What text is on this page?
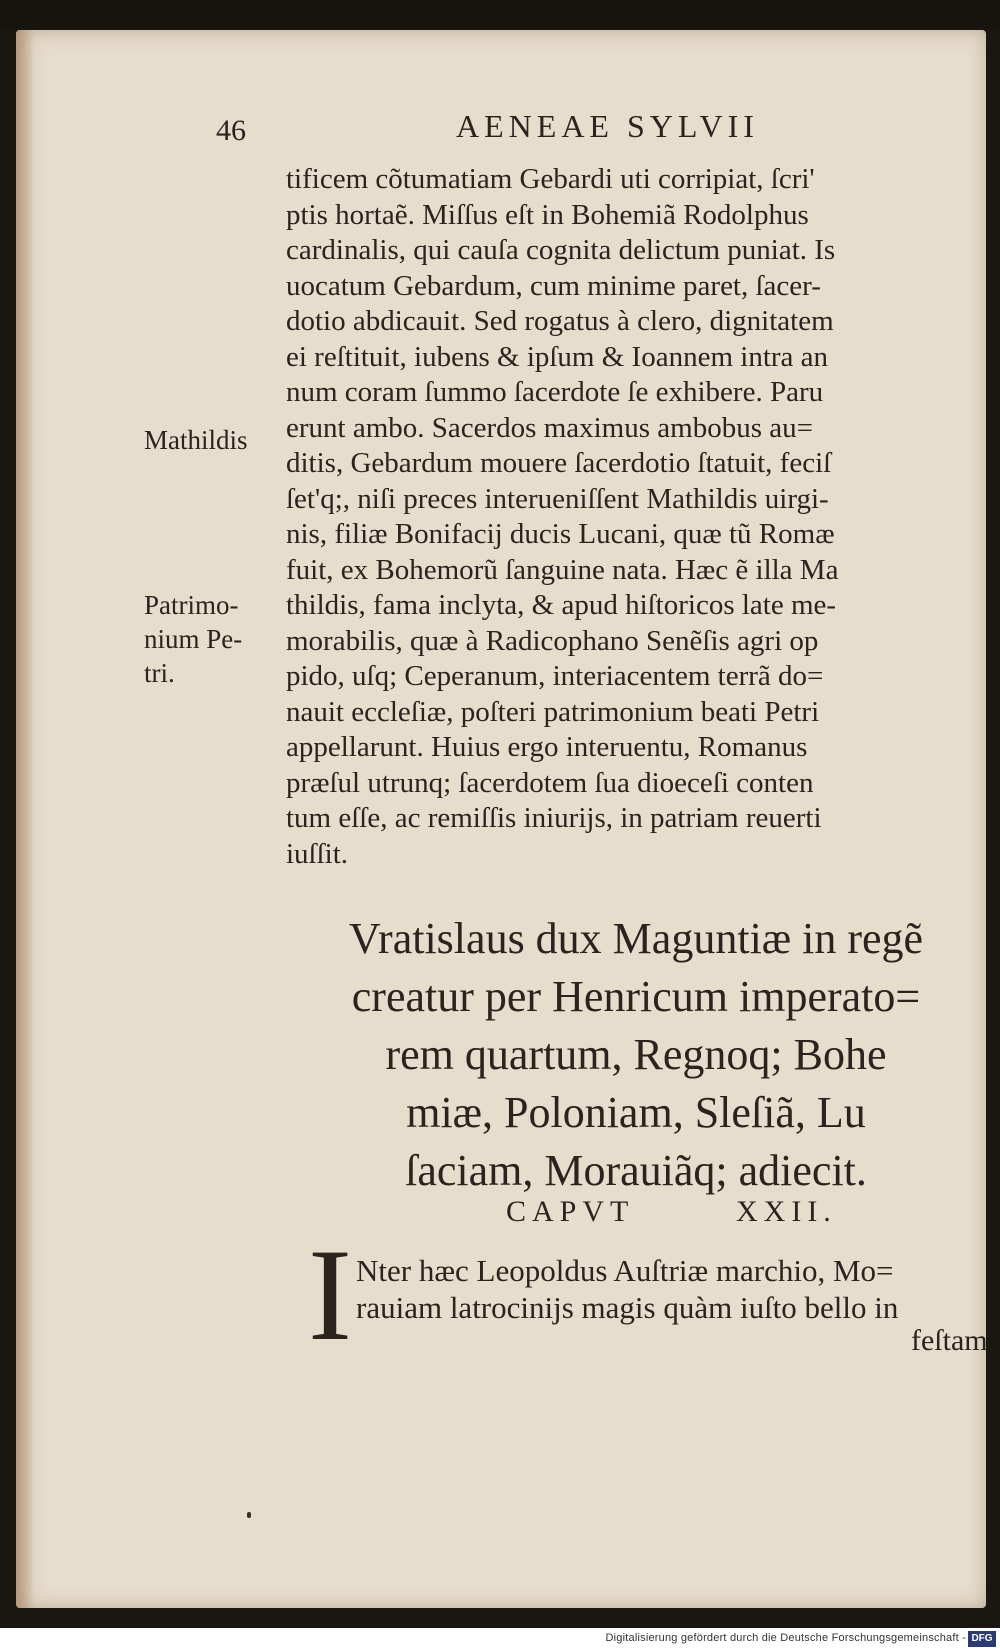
46	AENEAE SYLVII
tificem cõtumatiam Gebardi uti corripiat, ſcri'
ptis hortaẽ. Miſſus eſt in Bohemiã Rodolphus
cardinalis, qui cauſa cognita delictum puniat. Is
uocatum Gebardum, cum minime paret, ſacer-
dotio abdicauit. Sed rogatus à clero, dignitatem
ei reſtituit, iubens & ipſum & Ioannem intra an
num coram ſummo ſacerdote ſe exhibere. Paru
erunt ambo. Sacerdos maximus ambobus au=
ditis, Gebardum mouere ſacerdotio ſtatuit, feciſ
ſet'q;, niſi preces interueniſſent Mathildis uirgi-
nis, filiæ Bonifacij ducis Lucani, quæ tũ Romæ
fuit, ex Bohemorũ ſanguine nata. Hæc ẽ illa Ma
thildis, fama inclyta, & apud hiſtoricos late me-
morabilis, quæ à Radicophano Senẽſis agri op
pido, uſq; Ceperanum, interiacentem terrã do=
nauit eccleſiæ, poſteri patrimonium beati Petri
appellarunt. Huius ergo interuentu, Romanus
præſul utrunq; ſacerdotem ſua dioeceſi conten
tum eſſe, ac remiſſis iniurijs, in patriam reuerti
iuſſit.
Mathildis
Patrimo-
nium Pe-
tri.
Vratislaus dux Maguntiæ in regẽ
creatur per Henricum imperato=
rem quartum, Regnoq; Bohe
miæ, Poloniam, Sleſiã, Lu
ſaciam, Morauiãq; adiecit.
CAPVT	XXII.
I Nter hæc Leopoldus Auſtriæ marchio, Mo=
rauiam latrocinijs magis quàm iuſto bello in
feſtam
Digitalisierung gefördert durch die Deutsche Forschungsgemeinschaft - DFG
